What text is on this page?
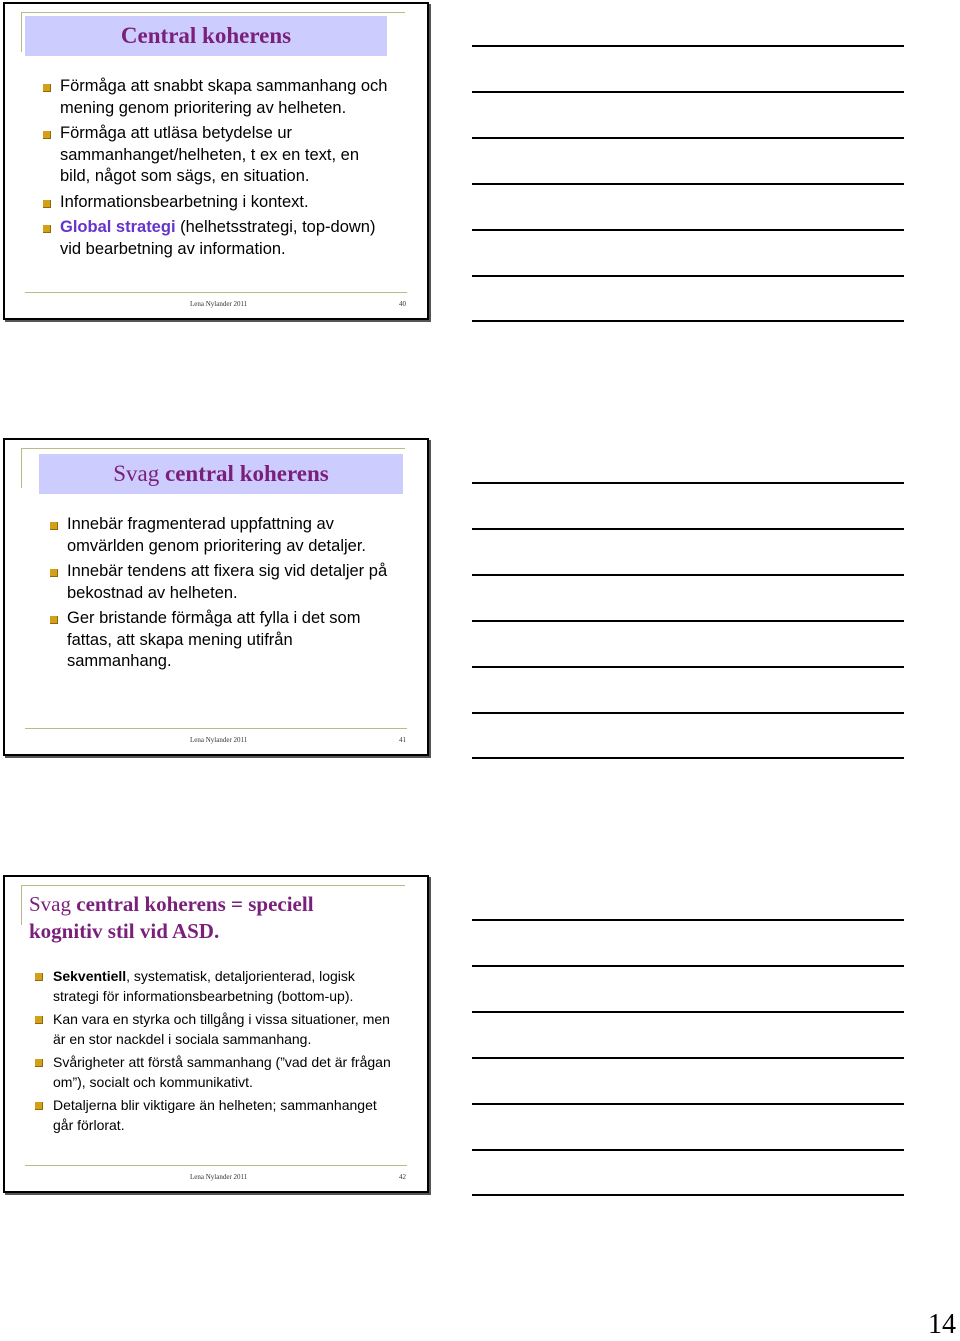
Central koherens
Förmåga att snabbt skapa sammanhang och mening genom prioritering av helheten.
Förmåga att utläsa betydelse ur sammanhanget/helheten, t ex en text, en bild, något som sägs, en situation.
Informationsbearbetning i kontext.
Global strategi (helhetsstrategi, top-down) vid bearbetning av information.
Lena Nylander 2011	40
Svag central koherens
Innebär fragmenterad uppfattning av omvärlden genom prioritering av detaljer.
Innebär tendens att fixera sig vid detaljer på bekostnad av helheten.
Ger bristande förmåga att fylla i det som fattas, att skapa mening utifrån sammanhang.
Lena Nylander 2011	41
Svag central koherens = speciell
kognitiv stil vid ASD.
Sekventiell, systematisk, detaljorienterad, logisk strategi för informationsbearbetning (bottom-up).
Kan vara en styrka och tillgång i vissa situationer, men är en stor nackdel i sociala sammanhang.
Svårigheter att förstå sammanhang (”vad det är frågan om”), socialt och kommunikativt.
Detaljerna blir viktigare än helheten; sammanhanget går förlorat.
Lena Nylander 2011	42
14
